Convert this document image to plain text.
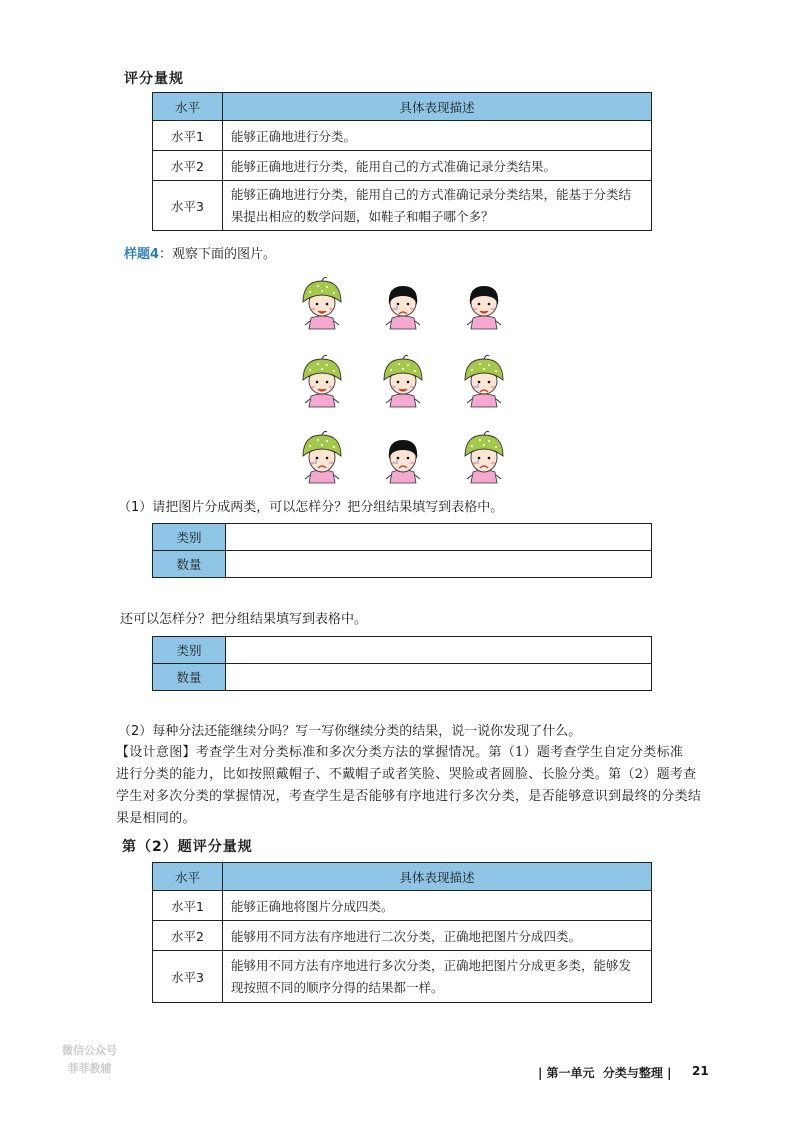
评分量规
水平	具体表现描述
水平1	能够正确地进行分类。
水平2	能够正确地进行分类，能用自己的方式准确记录分类结果。
水平3	能够正确地进行分类，能用自己的方式准确记录分类结果，能基于分类结
果提出相应的数学问题，如鞋子和帽子哪个多？
样题4：观察下面的图片。
（1）请把图片分成两类，可以怎样分？把分组结果填写到表格中。
类别	
数量	
还可以怎样分？把分组结果填写到表格中。
类别	
数量	
（2）每种分法还能继续分吗？写一写你继续分类的结果，说一说你发现了什么。
【设计意图】考查学生对分类标准和多次分类方法的掌握情况。第（1）题考查学生自定分类标准
进行分类的能力，比如按照戴帽子、不戴帽子或者笑脸、哭脸或者圆脸、长脸分类。第（2）题考查
学生对多次分类的掌握情况，考查学生是否能够有序地进行多次分类，是否能够意识到最终的分类结
果是相同的。
第（2）题评分量规
水平	具体表现描述
水平1	能够正确地将图片分成四类。
水平2	能够用不同方法有序地进行二次分类，正确地把图片分成四类。
水平3	能够用不同方法有序地进行多次分类，正确地把图片分成更多类，能够发
现按照不同的顺序分得的结果都一样。
微信公众号
菲菲教辅	| 第一单元  分类与整理 | 21
